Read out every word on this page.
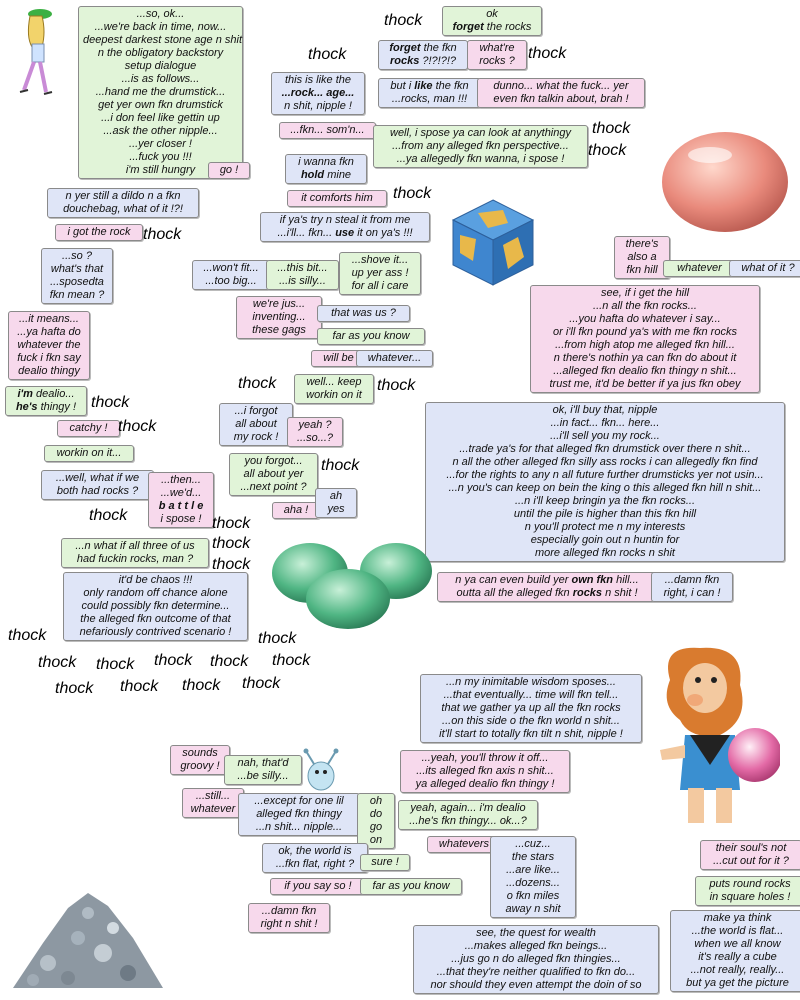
...so, ok...
...we're back in time, now...
deepest darkest stone age n shit
n the obligatory backstory
setup dialogue
...is as follows...
...hand me the drumstick...
get yer own fkn drumstick
...i don feel like gettin up
...ask the other nipple...
...yer closer !
...fuck you !!!
i'm still hungry	go !
n yer still a dildo n a fkn
douchebag, what of it !?!
i got the rock
...so ?
what's that
...sposedta
fkn mean ?
...it means...
...ya hafta do
whatever the
fuck i fkn say
dealio thingy
i'm dealio...
he's thingy !
catchy !
workin on it...
...well, what if we
both had rocks ?
...then...
...we'd...
b a t t l e
i spose !
...n what if all three of us
had fuckin rocks, man ?
it'd be chaos !!!
only random off chance alone
could possibly fkn determine...
the alleged fkn outcome of that
nefariously contrived scenario !
ok
forget the rocks
forget the fkn
rocks ?!?!?!?
what're
rocks ?
this is like the
...rock... age...
n shit, nipple !
but i like the fkn
...rocks, man !!!
dunno... what the fuck... yer
even fkn talkin about, brah !
...fkn... som'n...	well, i spose ya can look at anythingy
...from any alleged fkn perspective...
...ya allegedly fkn wanna, i spose !
i wanna fkn
hold mine
it comforts him
if ya's try n steal it from me
...i'll... fkn... use it on ya's !!!
...won't fit...
...too big...
...this bit...
...is silly...
...shove it...
up yer ass !
for all i care
we're jus...
inventing...
these gags
that was us ?
far as you know
will be	whatever...
well... keep
workin on it
...i forgot
all about
my rock !
yeah ?
...so...?
you forgot...
all about yer
...next point ?
aha !
ah
yes
there's
also a
fkn hill	whatever	what of it ?
see, if i get the hill
...n all the fkn rocks...
...you hafta do whatever i say...
or i'll fkn pound ya's with me fkn rocks
...from high atop me alleged fkn hill...
n there's nothin ya can fkn do about it
...alleged fkn dealio fkn thingy n shit...
trust me, it'd be better if ya jus fkn obey
ok, i'll buy that, nipple
...in fact... fkn... here...
...i'll sell you my rock...
...trade ya's for that alleged fkn drumstick over there n shit...
n all the other alleged fkn silly ass rocks i can allegedly fkn find
...for the rights to any n all future further drumsticks yer not usin...
...n you's can keep on bein the king o this alleged fkn hill n shit...
...n i'll keep bringin ya the fkn rocks...
until the pile is higher than this fkn hill
n you'll protect me n my interests
especially goin out n huntin for
more alleged fkn rocks n shit
n ya can even build yer own fkn hill...
outta all the alleged fkn rocks n shit !
...damn fkn
right, i can !
...n my inimitable wisdom sposes...
...that eventually... time will fkn tell...
that we gather ya up all the fkn rocks
...on this side o the fkn world n shit...
it'll start to totally fkn tilt n shit, nipple !
...yeah, you'll throw it off...
...its alleged fkn axis n shit...
ya alleged dealio fkn thingy !
yeah, again... i'm dealio
...he's fkn thingy... ok...?
whatevers	...cuz...
the stars
...are like...
...dozens...
o fkn miles
away n shit
sounds
groovy !	nah, that'd
...be silly...
...still...
whatever
...except for one lil
alleged fkn thingy
...n shit... nipple...
oh
do
go
on
ok, the world is
...fkn flat, right ?	sure !
if you say so !	far as you know
...damn fkn
right n shit !
see, the quest for wealth
...makes alleged fkn beings...
...jus go n do alleged fkn thingies...
...that they're neither qualified to fkn do...
nor should they even attempt the doin of so
their soul's not
...cut out for it ?
puts round rocks
in square holes !
make ya think
...the world is flat...
when we all know
it's really a cube
...not really, really...
but ya get the picture
thock
thock	thock
thock
thock
thock
thock
thock	thock
thock
thock
thock
thock	thock
thock
thock
thock	thock
thock thock thock thock thock
thock thock thock thock
